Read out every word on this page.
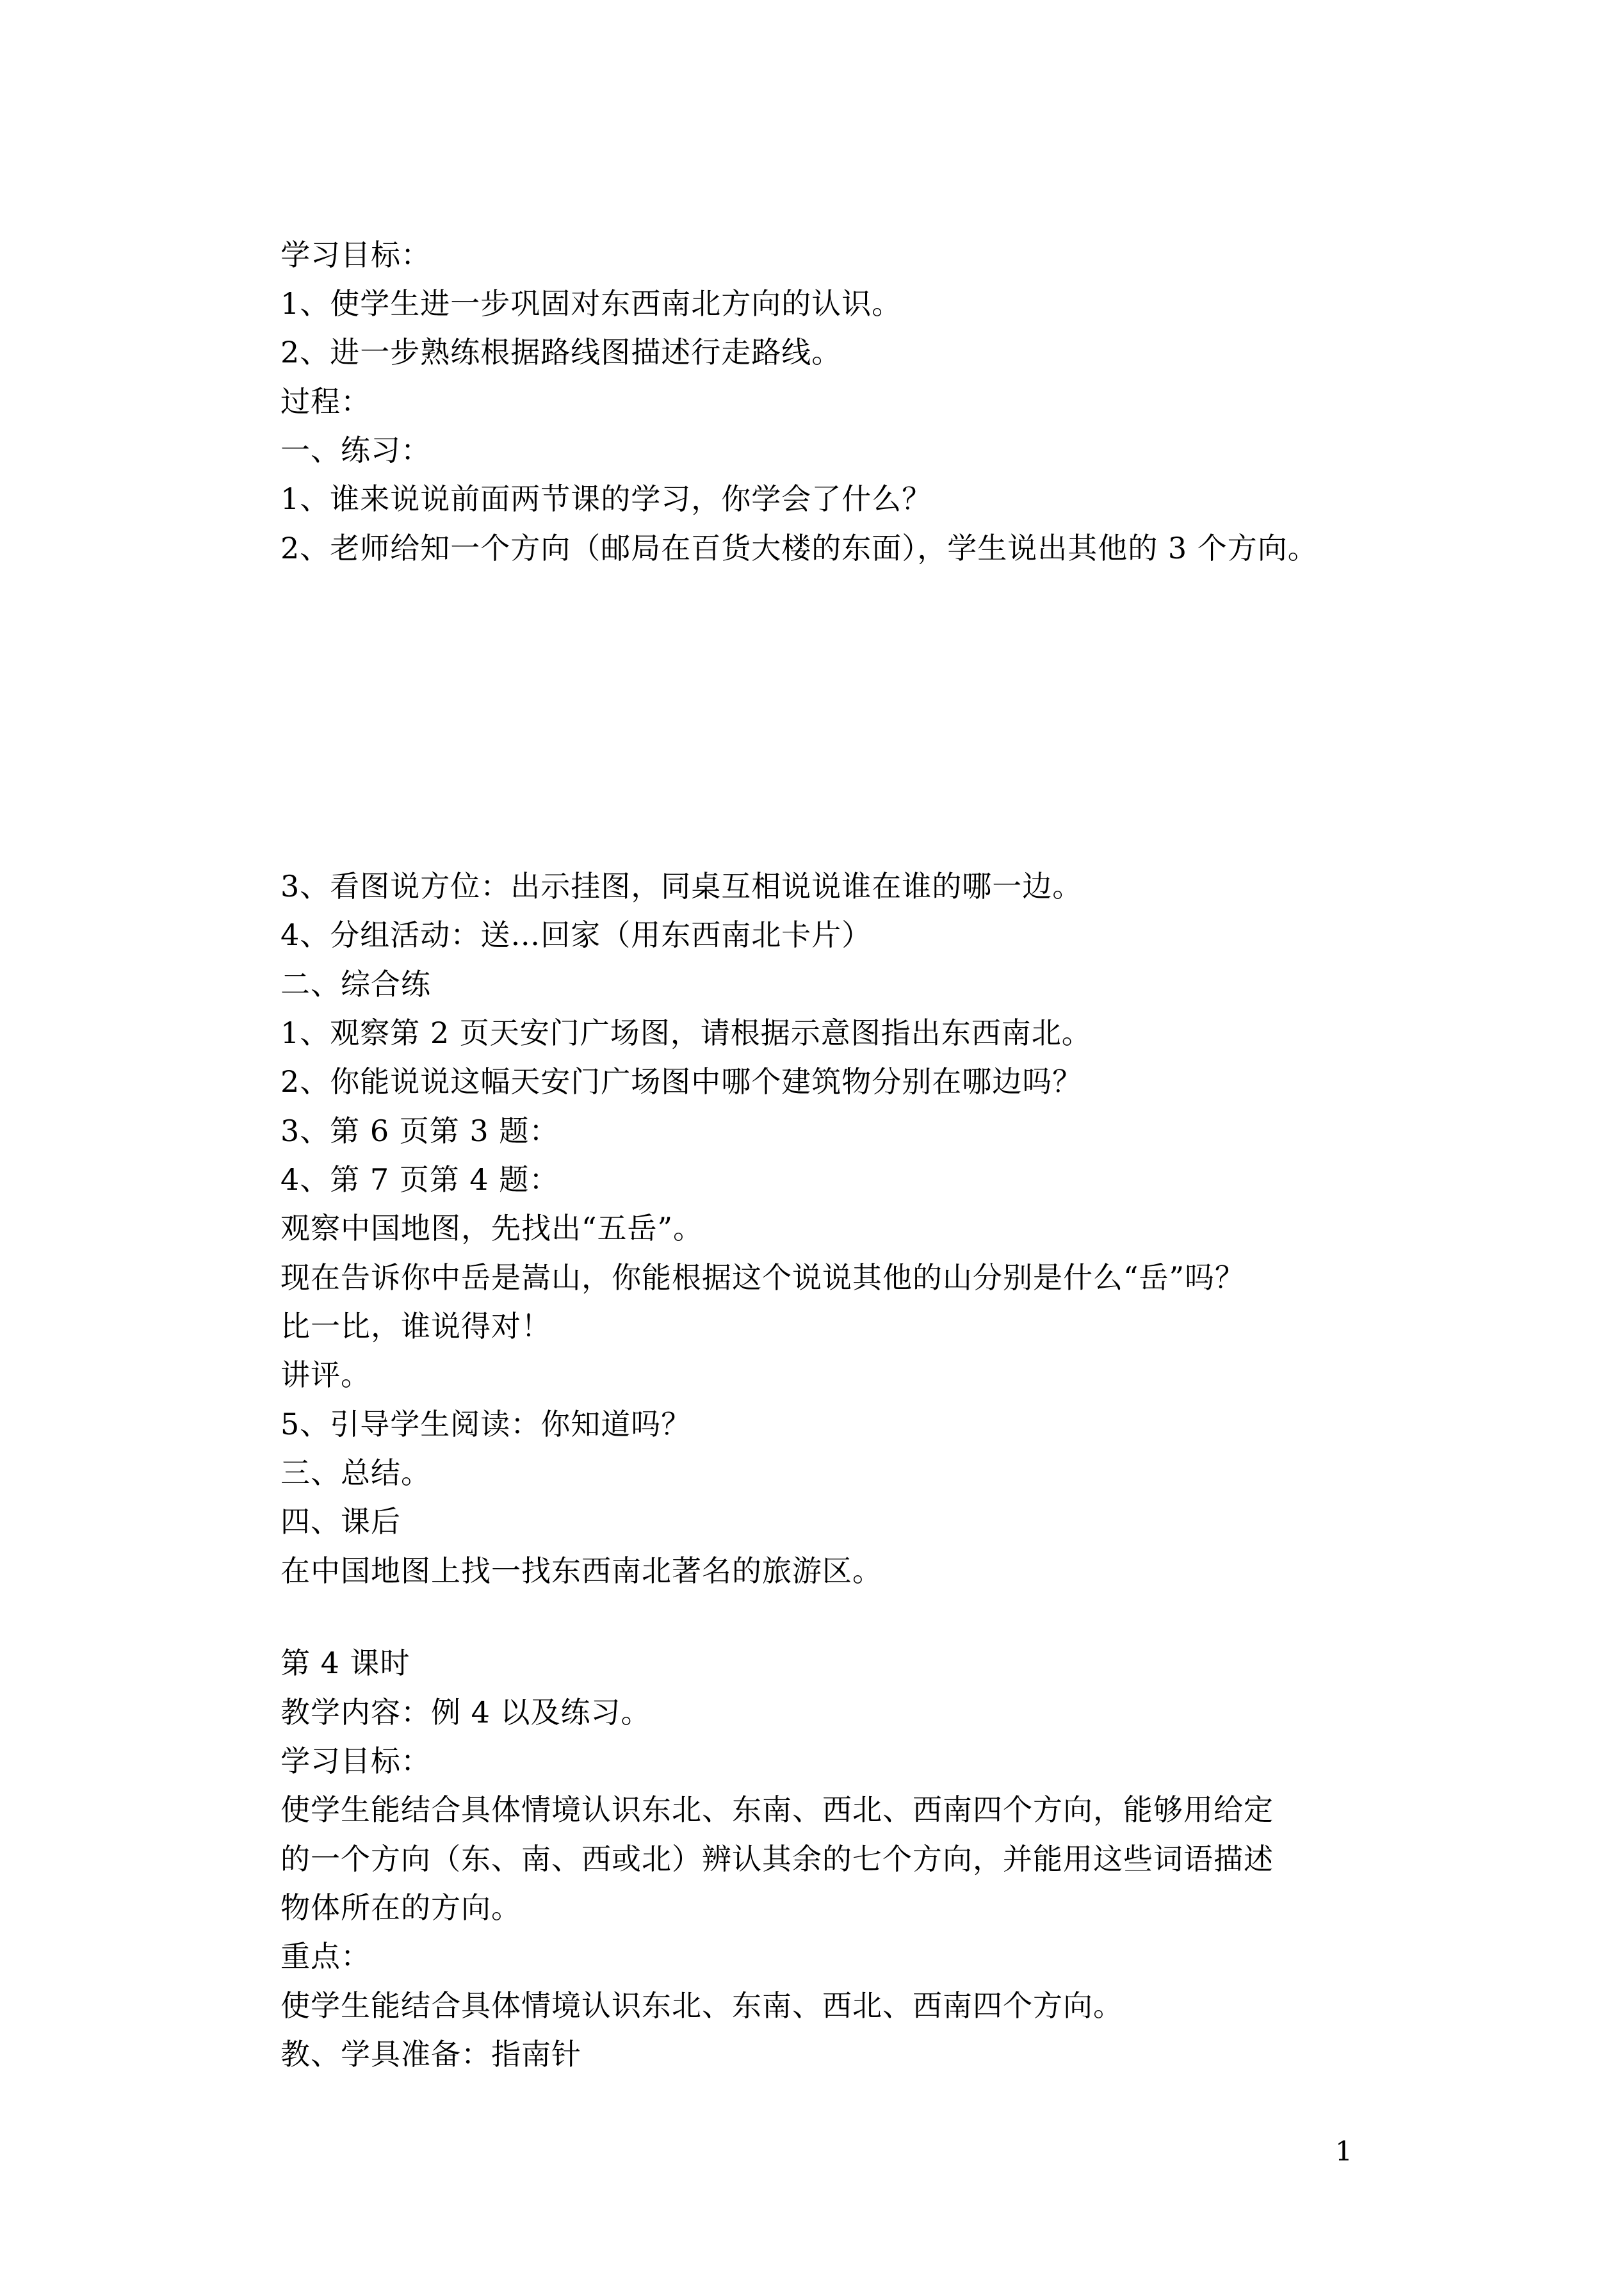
学习目标：
1、使学生进一步巩固对东西南北方向的认识。
2、进一步熟练根据路线图描述行走路线。
过程：
一、练习：
1、谁来说说前面两节课的学习，你学会了什么？
2、老师给知一个方向（邮局在百货大楼的东面），学生说出其他的 3 个方向。
3、看图说方位：出示挂图，同桌互相说说谁在谁的哪一边。
4、分组活动：送…回家（用东西南北卡片）
二、综合练
1、观察第 2 页天安门广场图，请根据示意图指出东西南北。
2、你能说说这幅天安门广场图中哪个建筑物分别在哪边吗？
3、第 6 页第 3 题：
4、第 7 页第 4 题：
观察中国地图，先找出“五岳”。
现在告诉你中岳是嵩山，你能根据这个说说其他的山分别是什么“岳”吗？
比一比，谁说得对！
讲评。
5、引导学生阅读：你知道吗？
三、总结。
四、课后
在中国地图上找一找东西南北著名的旅游区。
第 4 课时
教学内容：例 4 以及练习。
学习目标：
使学生能结合具体情境认识东北、东南、西北、西南四个方向，能够用给定
的一个方向（东、南、西或北）辨认其余的七个方向，并能用这些词语描述
物体所在的方向。
重点：
使学生能结合具体情境认识东北、东南、西北、西南四个方向。
教、学具准备：指南针
1
